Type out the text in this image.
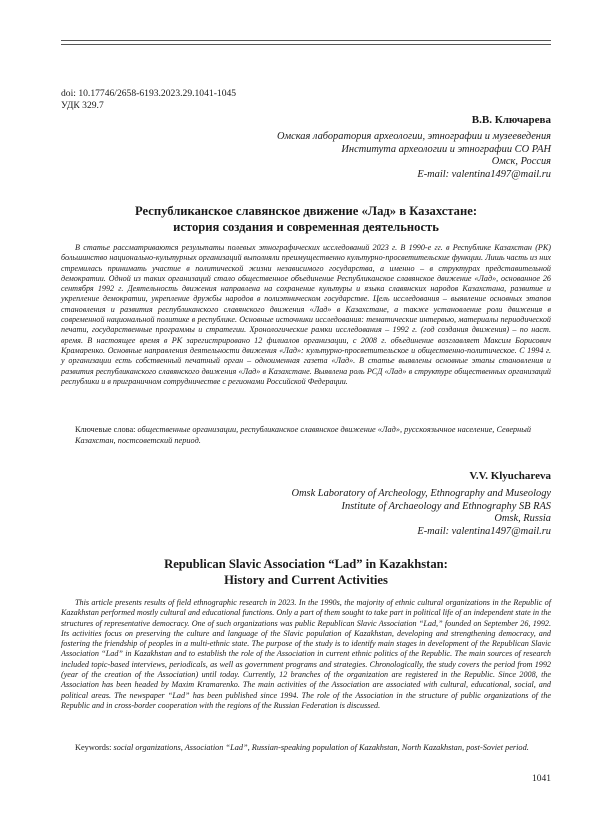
doi: 10.17746/2658-6193.2023.29.1041-1045
УДК 329.7
В.В. Ключарева
Омская лаборатория археологии, этнографии и музееведения
Института археологии и этнографии СО РАН
Омск, Россия
E-mail: valentina1497@mail.ru
Республиканское славянское движение «Лад» в Казахстане:
история создания и современная деятельность

В статье рассматриваются результаты полевых этнографических исследований 2023 г. В 1990-е гг. в Республике Казахстан (РК) большинство национально-культурных организаций выполняли преимущественно культурно-просветительские функции. Лишь часть из них стремилась принимать участие в политической жизни независимого государства, а именно – в структурах представительной демократии. Одной из таких организаций стало общественное объединение Республиканское славянское движение «Лад», основанное 26 сентября 1992 г. Деятельность движения направлена на сохранение культуры и языка славянских народов Казахстана, развитие и укрепление демократии, укрепление дружбы народов в полиэтническом государстве. Цель исследования – выявление основных этапов становления и развития республиканского славянского движения «Лад» в Казахстане, а также установление роли движения в современной национальной политике в республике. Основные источники исследования: тематические интервью, материалы периодической печати, государственные программы и стратегии. Хронологические рамки исследования – 1992 г. (год создания движения) – по наст. время. В настоящее время в РК зарегистрировано 12 филиалов организации, с 2008 г. объединение возглавляет Максим Борисович Крамаренко. Основные направления деятельности движения «Лад»: культурно-просветительское и общественно-политическое. С 1994 г. у организации есть собственный печатный орган – одноименная газета «Лад». В статье выявлены основные этапы становления и развития республиканского славянского движения «Лад» в Казахстане. Выявлена роль РСД «Лад» в структуре общественных организаций республики и в приграничном сотрудничестве с регионами Российской Федерации.

Ключевые слова: общественные организации, республиканское славянское движение «Лад», русскоязычное население, Северный Казахстан, постсоветский период.

V.V. Klyuchareva
Omsk Laboratory of Archeology, Ethnography and Museology
Institute of Archaeology and Ethnography SB RAS
Omsk, Russia
E-mail: valentina1497@mail.ru
Republican Slavic Association “Lad” in Kazakhstan:
History and Current Activities

This article presents results of field ethnographic research in 2023. In the 1990s, the majority of ethnic cultural organizations in the Republic of Kazakhstan performed mostly cultural and educational functions. Only a part of them sought to take part in political life of an independent state in the structures of representative democracy. One of such organizations was public Republican Slavic Association “Lad,” founded on September 26, 1992. Its activities focus on preserving the culture and language of the Slavic population of Kazakhstan, developing and strengthening democracy, and fostering the friendship of peoples in a multi-ethnic state. The purpose of the study is to identify main stages in development of the Republican Slavic Association “Lad” in Kazakhstan and to establish the role of the Association in current ethnic politics of the Republic. The main sources of research included topic-based interviews, periodicals, as well as government programs and strategies. Chronologically, the study covers the period from 1992 (year of the creation of the Association) until today. Currently, 12 branches of the organization are registered in the Republic. Since 2008, the Association has been headed by Maxim Kramarenko. The main activities of the Association are associated with cultural, educational, social, and political areas. The newspaper “Lad” has been published since 1994. The role of the Association in the structure of public organizations of the Republic and in cross-border cooperation with the regions of the Russian Federation is discussed.

Keywords: social organizations, Association “Lad”, Russian-speaking population of Kazakhstan, North Kazakhstan, post-Soviet period.

1041
